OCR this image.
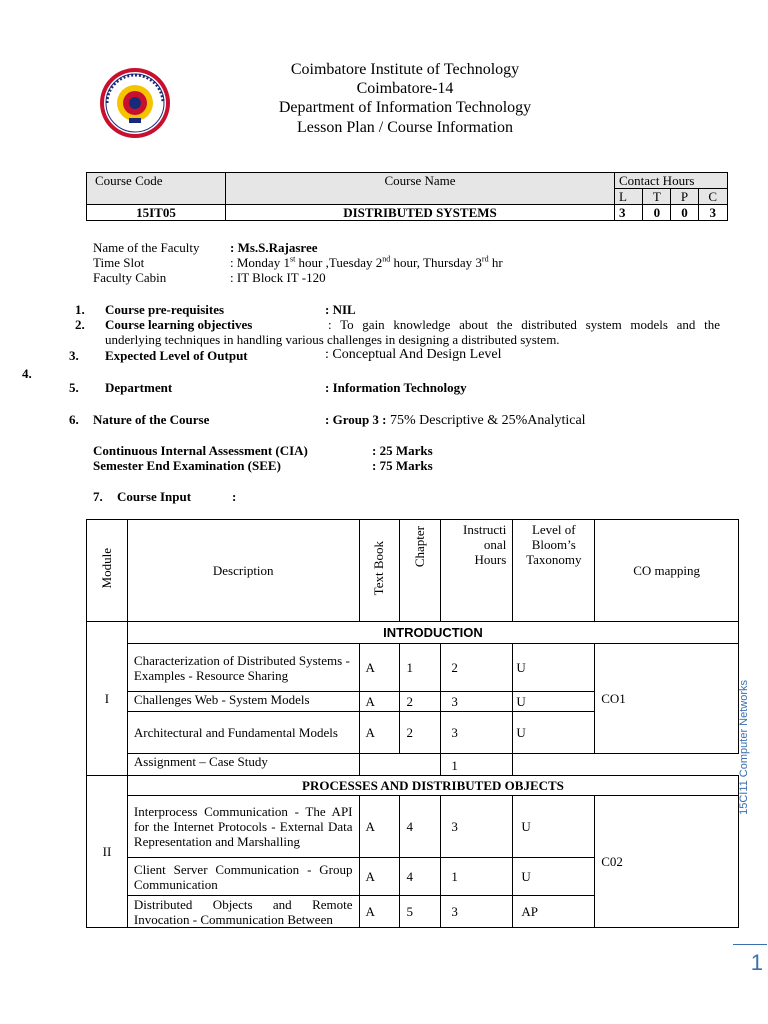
Coimbatore Institute of Technology
Coimbatore-14
Department of Information Technology
Lesson Plan / Course Information
Course Code	Course Name	Contact Hours			
		L	T	P	C
15IT05	DISTRIBUTED SYSTEMS	3	0	0	3
Name of the Faculty : Ms.S.Rajasree
Time Slot	: Monday 1st hour ,Tuesday 2nd hour, Thursday 3rd hr
Faculty Cabin	: IT Block IT -120
1. Course pre-requisites	: NIL
2. Course learning objectives	: To gain knowledge about the distributed system models and the
underlying techniques in handling various challenges in designing a distributed system.
3. Expected Level of Output	: Conceptual And Design Level
4.
5. Department	: Information Technology
6. Nature of the Course	: Group 3 : 75% Descriptive & 25%Analytical
Continuous Internal Assessment (CIA)	: 25 Marks
Semester End Examination (SEE)	: 75 Marks
7. Course Input	:
Module	Description	Text Book	Chapter	Instructi onal Hours	Level of Bloom’s Taxonomy	CO mapping
I	INTRODUCTION					
	Characterization of Distributed Systems - Examples - Resource Sharing	A	1	2	U	CO1
	Challenges Web - System Models	A	2	3	U	
	Architectural and Fundamental Models	A	2	3	U	
	Assignment – Case Study			1		
II	PROCESSES AND DISTRIBUTED OBJECTS					
	Interprocess Communication - The API for the Internet Protocols - External Data Representation and Marshalling	A	4	3	U	C02
	Client Server Communication - Group Communication	A	4	1	U	
	Distributed Objects and Remote Invocation - Communication Between	A	5	3	AP	
15CI11 Computer Networks
1
